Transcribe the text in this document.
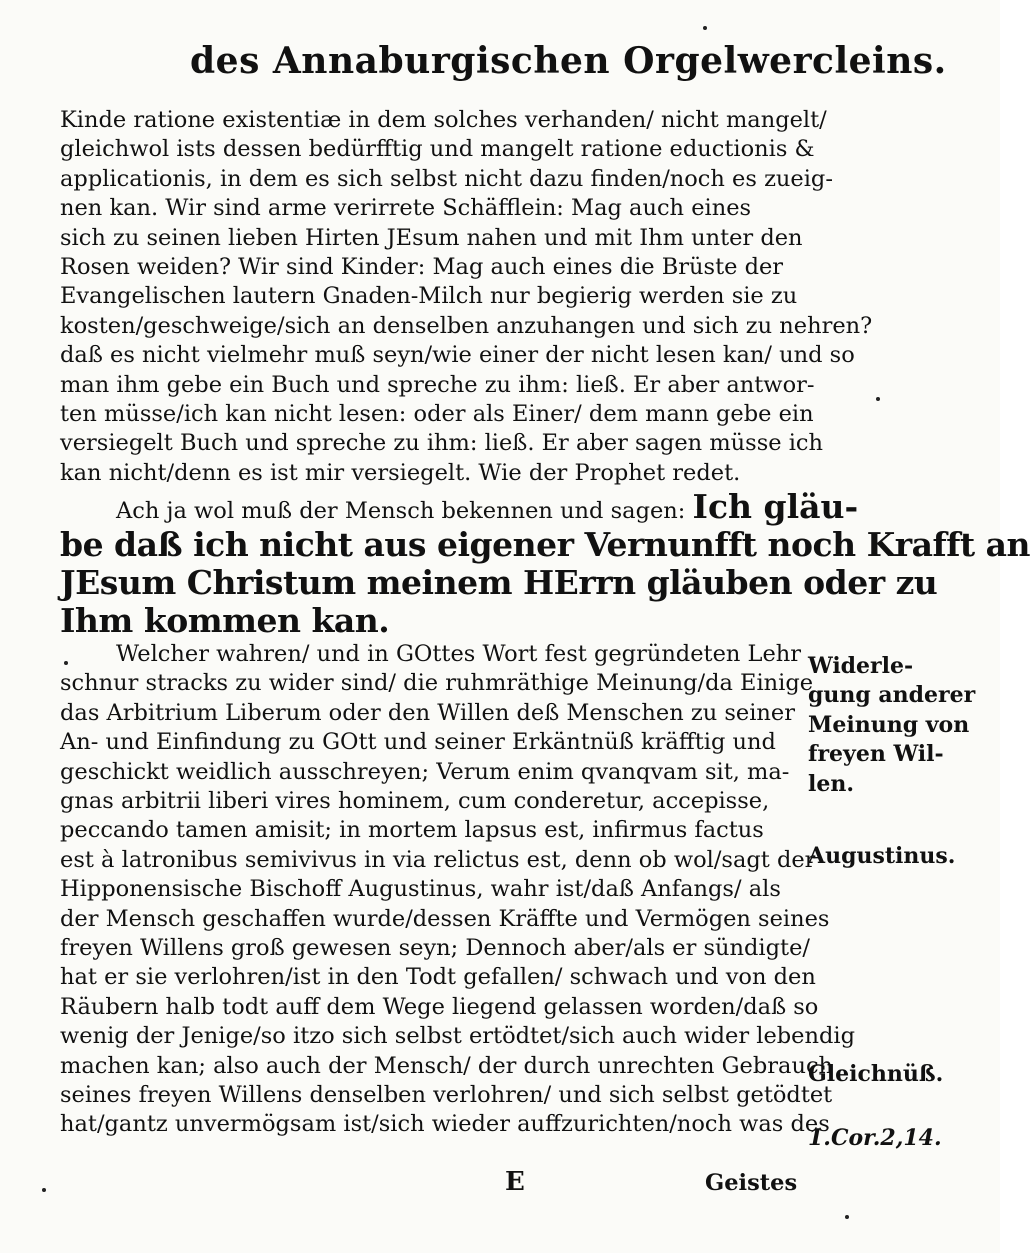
des Annaburgischen Orgelwercleins.
Kinde ratione existentiæ in dem solches verhanden/ nicht mangelt/
gleichwol ists dessen bedürfftig und mangelt ratione eductionis &
applicationis, in dem es sich selbst nicht dazu finden/noch es zueig-
nen kan. Wir sind arme verirrete Schäfflein: Mag auch eines
sich zu seinen lieben Hirten JEsum nahen und mit Ihm unter den
Rosen weiden? Wir sind Kinder: Mag auch eines die Brüste der
Evangelischen lautern Gnaden-Milch nur begierig werden sie zu
kosten/geschweige/sich an denselben anzuhangen und sich zu nehren?
daß es nicht vielmehr muß seyn/wie einer der nicht lesen kan/ und so
man ihm gebe ein Buch und spreche zu ihm: ließ. Er aber antwor-
ten müsse/ich kan nicht lesen: oder als Einer/ dem mann gebe ein
versiegelt Buch und spreche zu ihm: ließ. Er aber sagen müsse ich
kan nicht/denn es ist mir versiegelt. Wie der Prophet redet.
Ach ja wol muß der Mensch bekennen und sagen: Ich gläu-
be daß ich nicht aus eigener Vernunfft noch Krafft an
JEsum Christum meinem HErrn gläuben oder zu
Ihm kommen kan.
Welcher wahren/ und in GOttes Wort fest gegründeten Lehr
schnur stracks zu wider sind/ die ruhmräthige Meinung/da Einige
das Arbitrium Liberum oder den Willen deß Menschen zu seiner
An- und Einfindung zu GOtt und seiner Erkäntnüß kräfftig und
geschickt weidlich ausschreyen; Verum enim qvanqvam sit, ma-
gnas arbitrii liberi vires hominem, cum conderetur, accepisse,
peccando tamen amisit; in mortem lapsus est, infirmus factus
est à latronibus semivivus in via relictus est, denn ob wol/sagt der
Hipponensische Bischoff Augustinus, wahr ist/daß Anfangs/ als
der Mensch geschaffen wurde/dessen Kräffte und Vermögen seines
freyen Willens groß gewesen seyn; Dennoch aber/als er sündigte/
hat er sie verlohren/ist in den Todt gefallen/ schwach und von den
Räubern halb todt auff dem Wege liegend gelassen worden/daß so
wenig der Jenige/so itzo sich selbst ertödtet/sich auch wider lebendig
machen kan; also auch der Mensch/ der durch unrechten Gebrauch
seines freyen Willens denselben verlohren/ und sich selbst getödtet
hat/gantz unvermögsam ist/sich wieder auffzurichten/noch was des
Widerle-
gung anderer
Meinung von
freyen Wil-
len.
Augustinus.
Gleichnüß.
1.Cor.2,14.
E	Geistes
